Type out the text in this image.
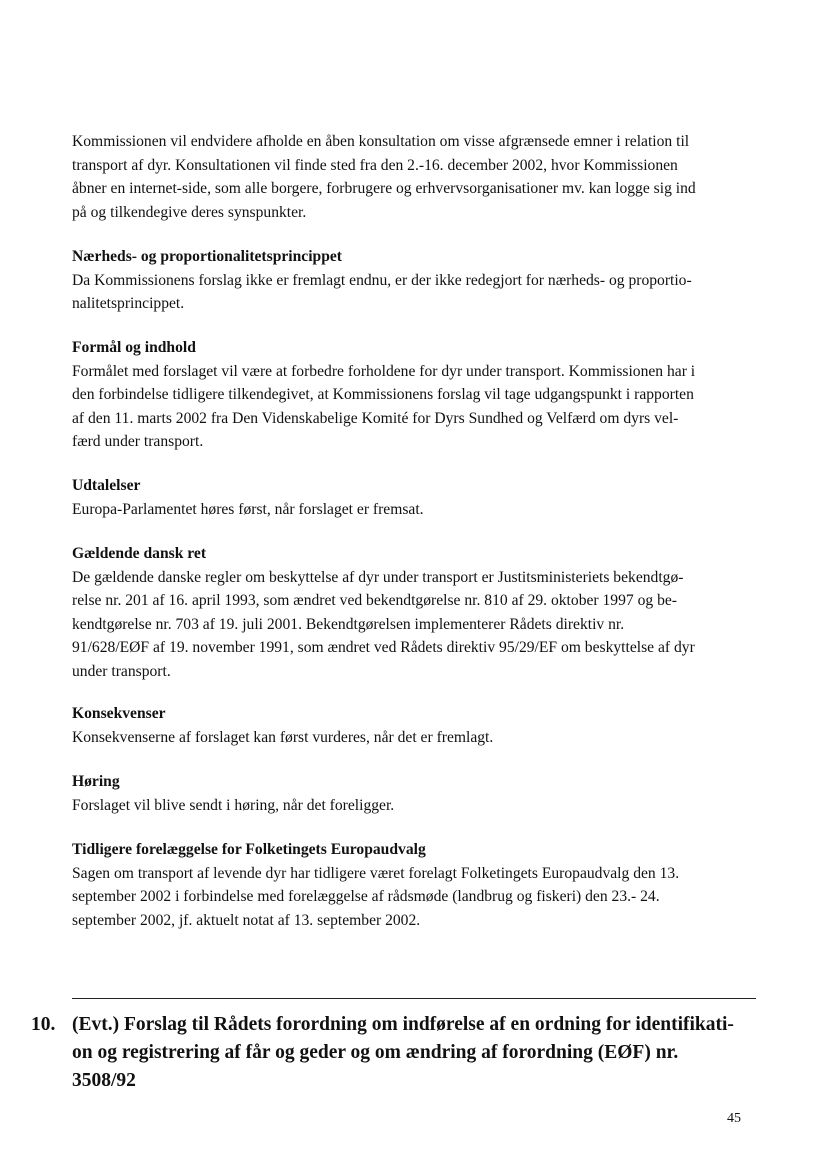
Kommissionen vil endvidere afholde en åben konsultation om visse afgrænsede emner i relation til
transport af dyr. Konsultationen vil finde sted fra den 2.-16. december 2002, hvor Kommissionen
åbner en internet-side, som alle borgere, forbrugere og erhvervsorganisationer mv. kan logge sig ind
på og tilkendegive deres synspunkter.
Nærheds- og proportionalitetsprincippet
Da Kommissionens forslag ikke er fremlagt endnu, er der ikke redegjort for nærheds- og proportio-
nalitetsprincippet.
Formål og indhold
Formålet med forslaget vil være at forbedre forholdene for dyr under transport. Kommissionen har i
den forbindelse tidligere tilkendegivet, at Kommissionens forslag vil tage udgangspunkt i rapporten
af den 11. marts 2002 fra Den Videnskabelige Komité for Dyrs Sundhed og Velfærd om dyrs vel-
færd under transport.
Udtalelser
Europa-Parlamentet høres først, når forslaget er fremsat.
Gældende dansk ret
De gældende danske regler om beskyttelse af dyr under transport er Justitsministeriets bekendtgø-
relse nr. 201 af 16. april 1993, som ændret ved bekendtgørelse nr. 810 af 29. oktober 1997 og be-
kendtgørelse nr. 703 af 19. juli 2001. Bekendtgørelsen implementerer Rådets direktiv nr.
91/628/EØF af 19. november 1991, som ændret ved Rådets direktiv 95/29/EF om beskyttelse af dyr
under transport.
Konsekvenser
Konsekvenserne af forslaget kan først vurderes, når det er fremlagt.
Høring
Forslaget vil blive sendt i høring, når det foreligger.
Tidligere forelæggelse for Folketingets Europaudvalg
Sagen om transport af levende dyr har tidligere været forelagt Folketingets Europaudvalg den 13.
september 2002 i forbindelse med forelæggelse af rådsmøde (landbrug og fiskeri) den 23.- 24.
september 2002, jf. aktuelt notat af 13. september 2002.
10. (Evt.) Forslag til Rådets forordning om indførelse af en ordning for identifikati-
on og registrering af får og geder og om ændring af forordning (EØF) nr.
3508/92
45
